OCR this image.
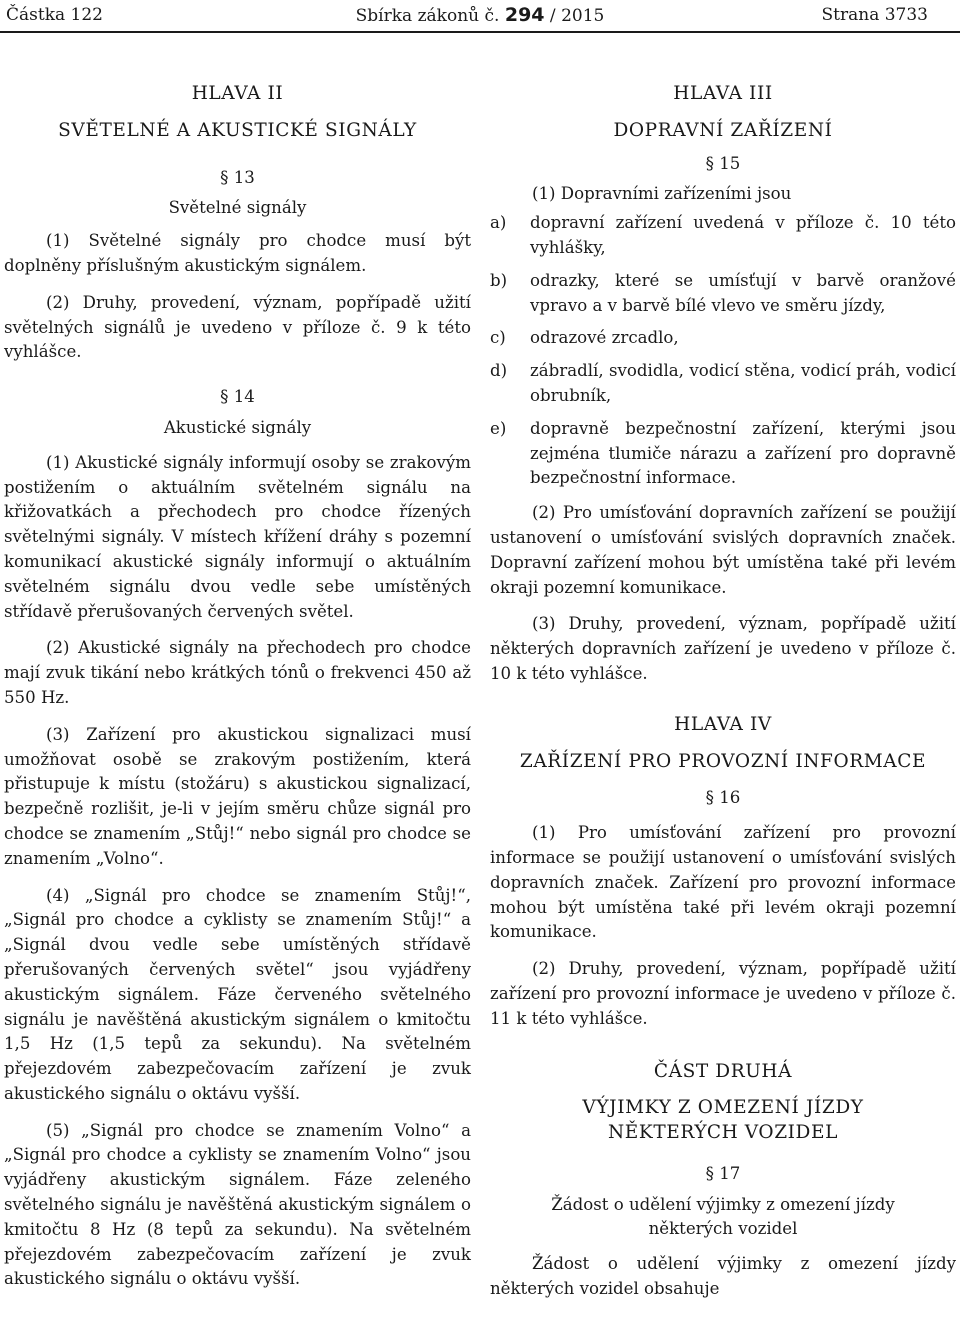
Částka 122	Sbírka zákonů č. 294 / 2015	Strana 3733
HLAVA II
SVĚTELNÉ A AKUSTICKÉ SIGNÁLY
§ 13
Světelné signály

(1) Světelné signály pro chodce musí být doplněny příslušným akustickým signálem.

(2) Druhy, provedení, význam, popřípadě užití světelných signálů je uvedeno v příloze č. 9 k této vyhlášce.

§ 14
Akustické signály

(1) Akustické signály informují osoby se zrakovým postižením o aktuálním světelném signálu na křižovatkách a přechodech pro chodce řízených světelnými signály. V místech křížení dráhy s pozemní komunikací akustické signály informují o aktuálním světelném signálu dvou vedle sebe umístěných střídavě přerušovaných červených světel.

(2) Akustické signály na přechodech pro chodce mají zvuk tikání nebo krátkých tónů o frekvenci 450 až 550 Hz.

(3) Zařízení pro akustickou signalizaci musí umožňovat osobě se zrakovým postižením, která přistupuje k místu (stožáru) s akustickou signalizací, bezpečně rozlišit, je-li v jejím směru chůze signál pro chodce se znamením „Stůj!“ nebo signál pro chodce se znamením „Volno“.

(4) „Signál pro chodce se znamením Stůj!“, „Signál pro chodce a cyklisty se znamením Stůj!“ a „Signál dvou vedle sebe umístěných střídavě přerušovaných červených světel“ jsou vyjádřeny akustickým signálem. Fáze červeného světelného signálu je navěštěná akustickým signálem o kmitočtu 1,5 Hz (1,5 tepů za sekundu). Na světelném přejezdovém zabezpečovacím zařízení je zvuk akustického signálu o oktávu vyšší.

(5) „Signál pro chodce se znamením Volno“ a „Signál pro chodce a cyklisty se znamením Volno“ jsou vyjádřeny akustickým signálem. Fáze zeleného světelného signálu je navěštěná akustickým signálem o kmitočtu 8 Hz (8 tepů za sekundu). Na světelném přejezdovém zabezpečovacím zařízení je zvuk akustického signálu o oktávu vyšší.

HLAVA III
DOPRAVNÍ ZAŘÍZENÍ
§ 15

(1) Dopravními zařízeními jsou

a)	dopravní zařízení uvedená v příloze č. 10 této vyhlášky,
b)	odrazky, které se umísťují v barvě oranžové vpravo a v barvě bílé vlevo ve směru jízdy,
c)	odrazové zrcadlo,
d)	zábradlí, svodidla, vodicí stěna, vodicí práh, vodicí obrubník,
e)	dopravně bezpečnostní zařízení, kterými jsou zejména tlumiče nárazu a zařízení pro dopravně bezpečnostní informace.

(2) Pro umísťování dopravních zařízení se použijí ustanovení o umísťování svislých dopravních značek. Dopravní zařízení mohou být umístěna také při levém okraji pozemní komunikace.

(3) Druhy, provedení, význam, popřípadě užití některých dopravních zařízení je uvedeno v příloze č. 10 k této vyhlášce.

HLAVA IV
ZAŘÍZENÍ PRO PROVOZNÍ INFORMACE
§ 16

(1) Pro umísťování zařízení pro provozní informace se použijí ustanovení o umísťování svislých dopravních značek. Zařízení pro provozní informace mohou být umístěna také při levém okraji pozemní komunikace.

(2) Druhy, provedení, význam, popřípadě užití zařízení pro provozní informace je uvedeno v příloze č. 11 k této vyhlášce.

ČÁST DRUHÁ
VÝJIMKY Z OMEZENÍ JÍZDY
NĚKTERÝCH VOZIDEL
§ 17
Žádost o udělení výjimky z omezení jízdy
některých vozidel

Žádost o udělení výjimky z omezení jízdy některých vozidel obsahuje
